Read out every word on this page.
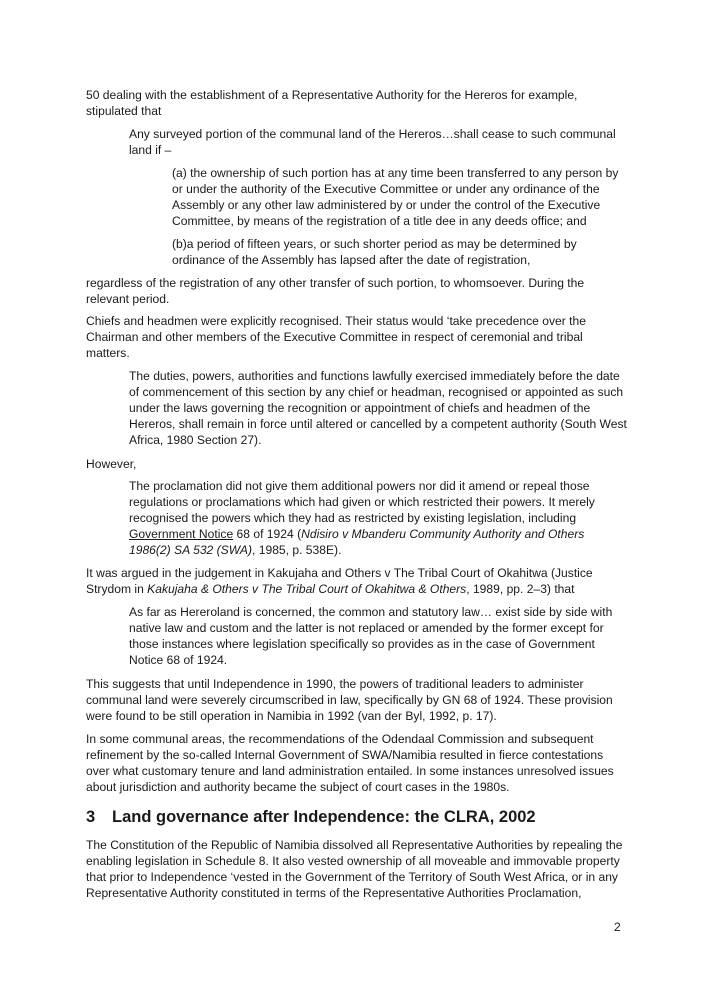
50 dealing with the establishment of a Representative Authority for the Hereros for example, stipulated that

Any surveyed portion of the communal land of the Hereros…shall cease to such communal land if –

(a) the ownership of such portion has at any time been transferred to any person by or under the authority of the Executive Committee or under any ordinance of the Assembly or any other law administered by or under the control of the Executive Committee, by means of the registration of a title dee in any deeds office; and

(b)a period of fifteen years, or such shorter period as may be determined by ordinance of the Assembly has lapsed after the date of registration,

regardless of the registration of any other transfer of such portion, to whomsoever. During the relevant period.

Chiefs and headmen were explicitly recognised. Their status would ‘take precedence over the Chairman and other members of the Executive Committee in respect of ceremonial and tribal matters.

The duties, powers, authorities and functions lawfully exercised immediately before the date of commencement of this section by any chief or headman, recognised or appointed as such under the laws governing the recognition or appointment of chiefs and headmen of the Hereros, shall remain in force until altered or cancelled by a competent authority (South West Africa, 1980 Section 27).

However,

The proclamation did not give them additional powers nor did it amend or repeal those regulations or proclamations which had given or which restricted their powers. It merely recognised the powers which they had as restricted by existing legislation, including Government Notice 68 of 1924 (Ndisiro v Mbanderu Community Authority and Others 1986(2) SA 532 (SWA), 1985, p. 538E).

It was argued in the judgement in Kakujaha and Others v The Tribal Court of Okahitwa (Justice Strydom in Kakujaha & Others v The Tribal Court of Okahitwa & Others, 1989, pp. 2–3) that

As far as Hereroland is concerned, the common and statutory law… exist side by side with native law and custom and the latter is not replaced or amended by the former except for those instances where legislation specifically so provides as in the case of Government Notice 68 of 1924.

This suggests that until Independence in 1990, the powers of traditional leaders to administer communal land were severely circumscribed in law, specifically by GN 68 of 1924. These provision were found to be still operation in Namibia in 1992 (van der Byl, 1992, p. 17).

In some communal areas, the recommendations of the Odendaal Commission and subsequent refinement by the so-called Internal Government of SWA/Namibia resulted in fierce contestations over what customary tenure and land administration entailed. In some instances unresolved issues about jurisdiction and authority became the subject of court cases in the 1980s.

3 Land governance after Independence: the CLRA, 2002

The Constitution of the Republic of Namibia dissolved all Representative Authorities by repealing the enabling legislation in Schedule 8. It also vested ownership of all moveable and immovable property that prior to Independence ‘vested in the Government of the Territory of South West Africa, or in any Representative Authority constituted in terms of the Representative Authorities Proclamation,

2
